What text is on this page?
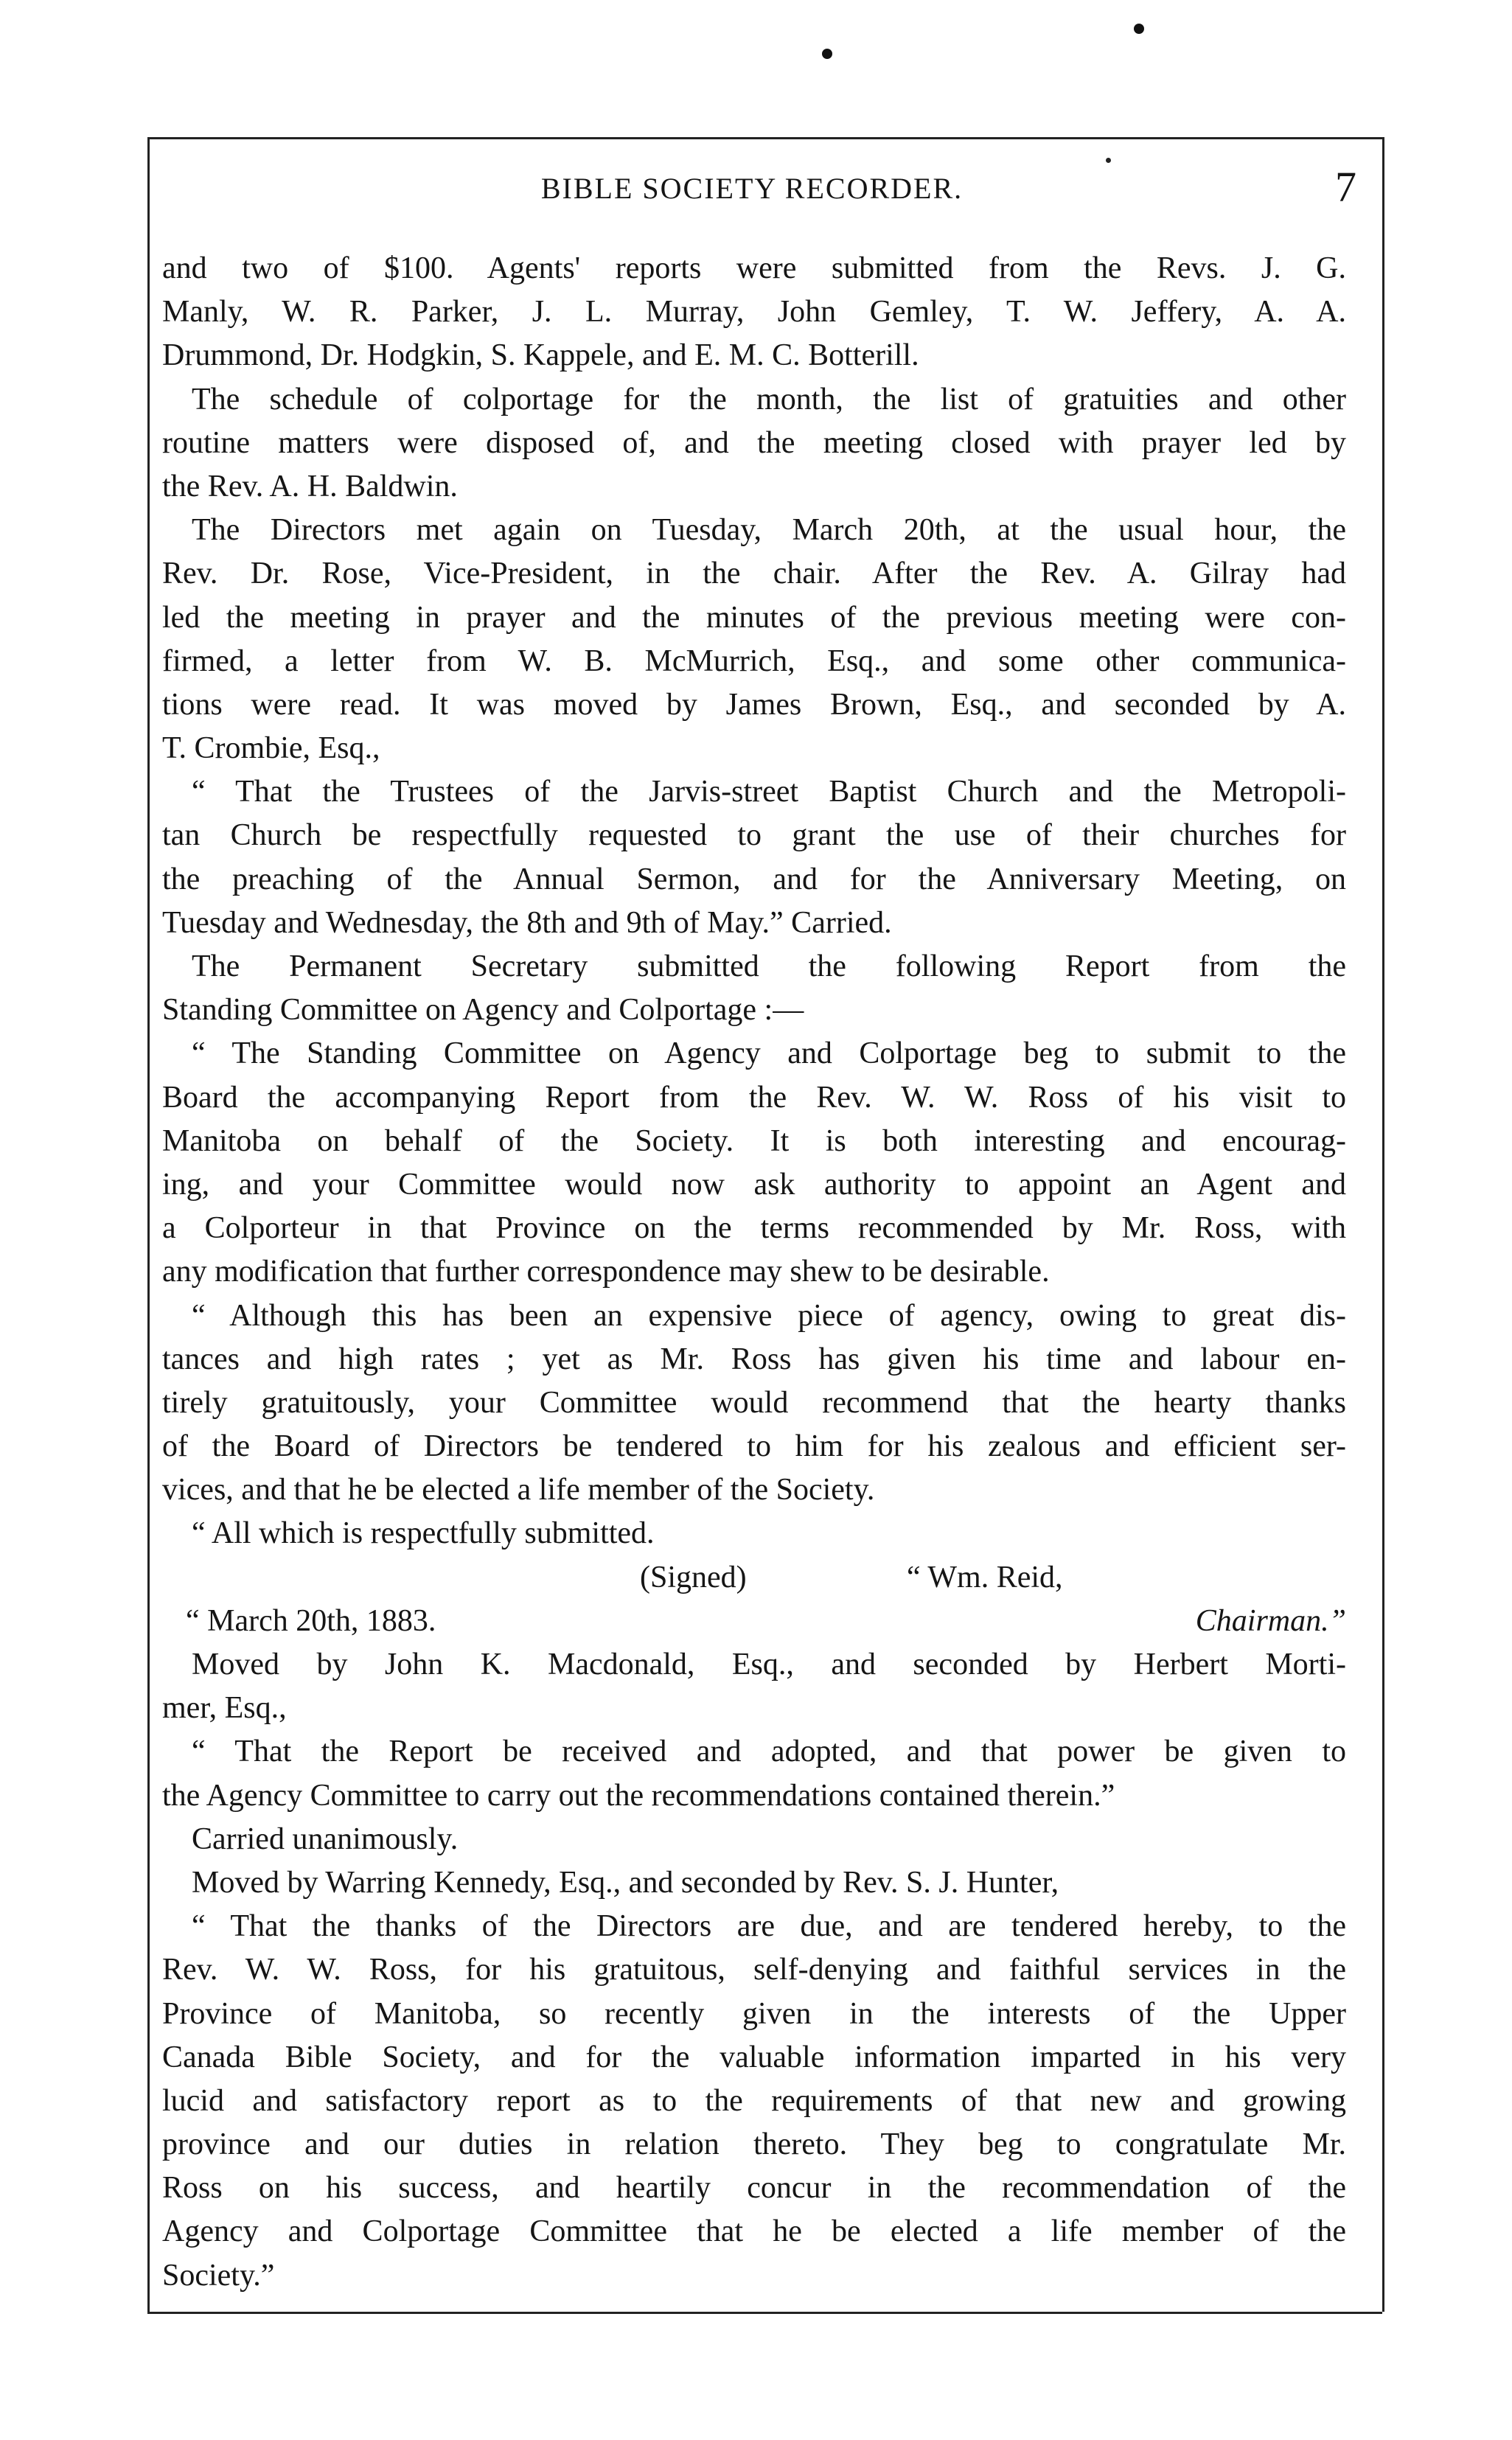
BIBLE SOCIETY RECORDER.	7
and two of $100. Agents' reports were submitted from the Revs. J. G.
Manly, W. R. Parker, J. L. Murray, John Gemley, T. W. Jeffery, A. A.
Drummond, Dr. Hodgkin, S. Kappele, and E. M. C. Botterill.
The schedule of colportage for the month, the list of gratuities and other
routine matters were disposed of, and the meeting closed with prayer led by
the Rev. A. H. Baldwin.
The Directors met again on Tuesday, March 20th, at the usual hour, the
Rev. Dr. Rose, Vice-President, in the chair. After the Rev. A. Gilray had
led the meeting in prayer and the minutes of the previous meeting were con-
firmed, a letter from W. B. McMurrich, Esq., and some other communica-
tions were read. It was moved by James Brown, Esq., and seconded by A.
T. Crombie, Esq.,
“ That the Trustees of the Jarvis-street Baptist Church and the Metropoli-
tan Church be respectfully requested to grant the use of their churches for
the preaching of the Annual Sermon, and for the Anniversary Meeting, on
Tuesday and Wednesday, the 8th and 9th of May.” Carried.
The Permanent Secretary submitted the following Report from the
Standing Committee on Agency and Colportage :—
“ The Standing Committee on Agency and Colportage beg to submit to the
Board the accompanying Report from the Rev. W. W. Ross of his visit to
Manitoba on behalf of the Society. It is both interesting and encourag-
ing, and your Committee would now ask authority to appoint an Agent and
a Colporteur in that Province on the terms recommended by Mr. Ross, with
any modification that further correspondence may shew to be desirable.
“ Although this has been an expensive piece of agency, owing to great dis-
tances and high rates ; yet as Mr. Ross has given his time and labour en-
tirely gratuitously, your Committee would recommend that the hearty thanks
of the Board of Directors be tendered to him for his zealous and efficient ser-
vices, and that he be elected a life member of the Society.
“ All which is respectfully submitted.
(Signed)	“ Wm. Reid,
“ March 20th, 1883.	Chairman.”
Moved by John K. Macdonald, Esq., and seconded by Herbert Morti-
mer, Esq.,
“ That the Report be received and adopted, and that power be given to
the Agency Committee to carry out the recommendations contained therein.”
Carried unanimously.
Moved by Warring Kennedy, Esq., and seconded by Rev. S. J. Hunter,
“ That the thanks of the Directors are due, and are tendered hereby, to the
Rev. W. W. Ross, for his gratuitous, self-denying and faithful services in the
Province of Manitoba, so recently given in the interests of the Upper
Canada Bible Society, and for the valuable information imparted in his very
lucid and satisfactory report as to the requirements of that new and growing
province and our duties in relation thereto. They beg to congratulate Mr.
Ross on his success, and heartily concur in the recommendation of the
Agency and Colportage Committee that he be elected a life member of the
Society.”
